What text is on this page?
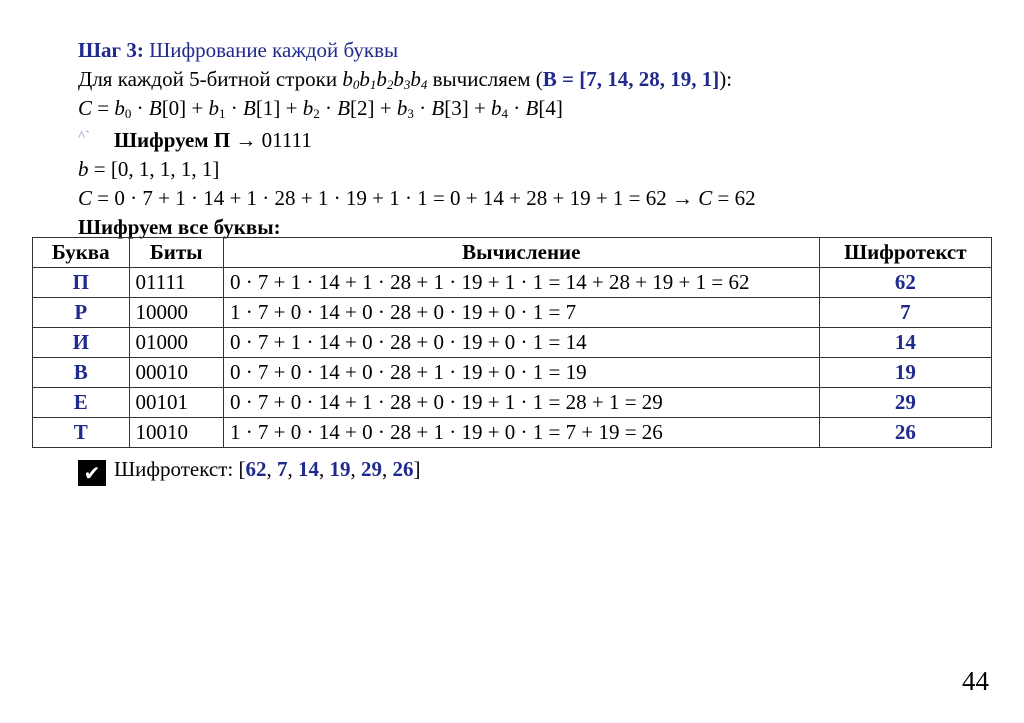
Шаг 3: Шифрование каждой буквы
Для каждой 5-битной строки $b_0b_1b_2b_3b_4$ вычисляем (B = [7, 14, 28, 19, 1]):
$C = b_0 \cdot B[0] + b_1 \cdot B[1] + b_2 \cdot B[2] + b_3 \cdot B[3] + b_4 \cdot B[4]$
^` Шифруем П → 01111
b = [0, 1, 1, 1, 1]
C = 0 · 7 + 1 · 14 + 1 · 28 + 1 · 19 + 1 · 1 = 0 + 14 + 28 + 19 + 1 = 62 → C = 62
Шифруем все буквы:
Буква	Биты	Вычисление	Шифротекст
П	01111	0 · 7 + 1 · 14 + 1 · 28 + 1 · 19 + 1 · 1 = 14 + 28 + 19 + 1 = 62	62
Р	10000	1 · 7 + 0 · 14 + 0 · 28 + 0 · 19 + 0 · 1 = 7	7
И	01000	0 · 7 + 1 · 14 + 0 · 28 + 0 · 19 + 0 · 1 = 14	14
В	00010	0 · 7 + 0 · 14 + 0 · 28 + 1 · 19 + 0 · 1 = 19	19
Е	00101	0 · 7 + 0 · 14 + 1 · 28 + 0 · 19 + 1 · 1 = 28 + 1 = 29	29
Т	10010	1 · 7 + 0 · 14 + 0 · 28 + 1 · 19 + 0 · 1 = 7 + 19 = 26	26
✔ Шифротекст: [62, 7, 14, 19, 29, 26]
44
